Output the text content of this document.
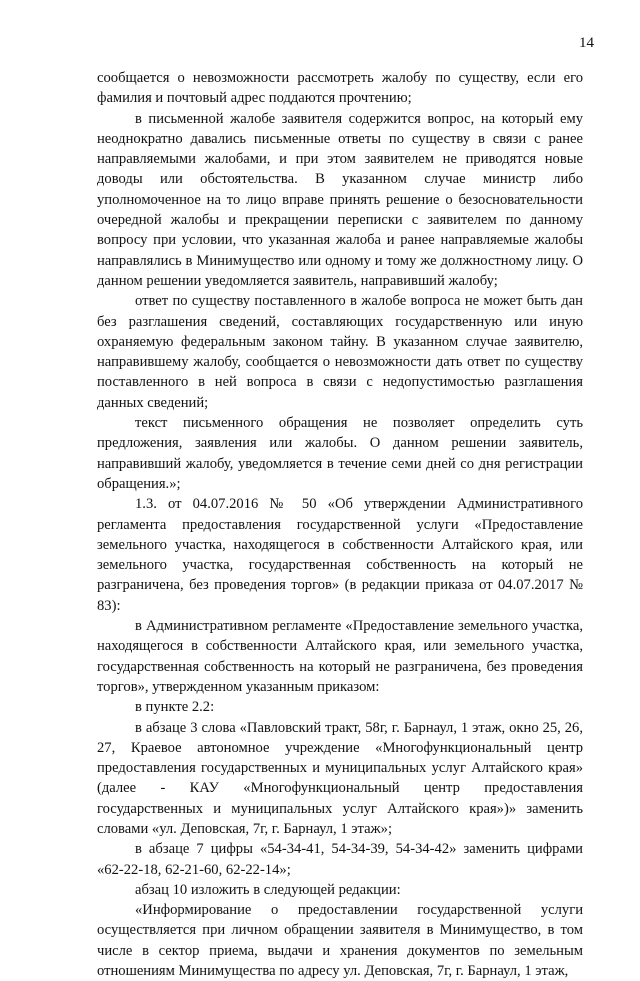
14

сообщается о невозможности рассмотреть жалобу по существу, если его фамилия и почтовый адрес поддаются прочтению;

в письменной жалобе заявителя содержится вопрос, на который ему неоднократно давались письменные ответы по существу в связи с ранее направляемыми жалобами, и при этом заявителем не приводятся новые доводы или обстоятельства. В указанном случае министр либо уполномоченное на то лицо вправе принять решение о безосновательности очередной жалобы и прекращении переписки с заявителем по данному вопросу при условии, что указанная жалоба и ранее направляемые жалобы направлялись в Минимущество или одному и тому же должностному лицу. О данном решении уведомляется заявитель, направивший жалобу;

ответ по существу поставленного в жалобе вопроса не может быть дан без разглашения сведений, составляющих государственную или иную охраняемую федеральным законом тайну. В указанном случае заявителю, направившему жалобу, сообщается о невозможности дать ответ по существу поставленного в ней вопроса в связи с недопустимостью разглашения данных сведений;

текст письменного обращения не позволяет определить суть предложения, заявления или жалобы. О данном решении заявитель, направивший жалобу, уведомляется в течение семи дней со дня регистрации обращения.»;

1.3. от 04.07.2016 № 50 «Об утверждении Административного регламента предоставления государственной услуги «Предоставление земельного участка, находящегося в собственности Алтайского края, или земельного участка, государственная собственность на который не разграничена, без проведения торгов» (в редакции приказа от 04.07.2017 № 83):

в Административном регламенте «Предоставление земельного участка, находящегося в собственности Алтайского края, или земельного участка, государственная собственность на который не разграничена, без проведения торгов», утвержденном указанным приказом:

в пункте 2.2:

в абзаце 3 слова «Павловский тракт, 58г, г. Барнаул, 1 этаж, окно 25, 26, 27, Краевое автономное учреждение «Многофункциональный центр предоставления государственных и муниципальных услуг Алтайского края» (далее - КАУ «Многофункциональный центр предоставления государственных и муниципальных услуг Алтайского края»)» заменить словами «ул. Деповская, 7г, г. Барнаул, 1 этаж»;

в абзаце 7 цифры «54-34-41, 54-34-39, 54-34-42» заменить цифрами «62-22-18, 62-21-60, 62-22-14»;

абзац 10 изложить в следующей редакции:

«Информирование о предоставлении государственной услуги осуществляется при личном обращении заявителя в Минимущество, в том числе в сектор приема, выдачи и хранения документов по земельным отношениям Минимущества по адресу ул. Деповская, 7г, г. Барнаул, 1 этаж,
